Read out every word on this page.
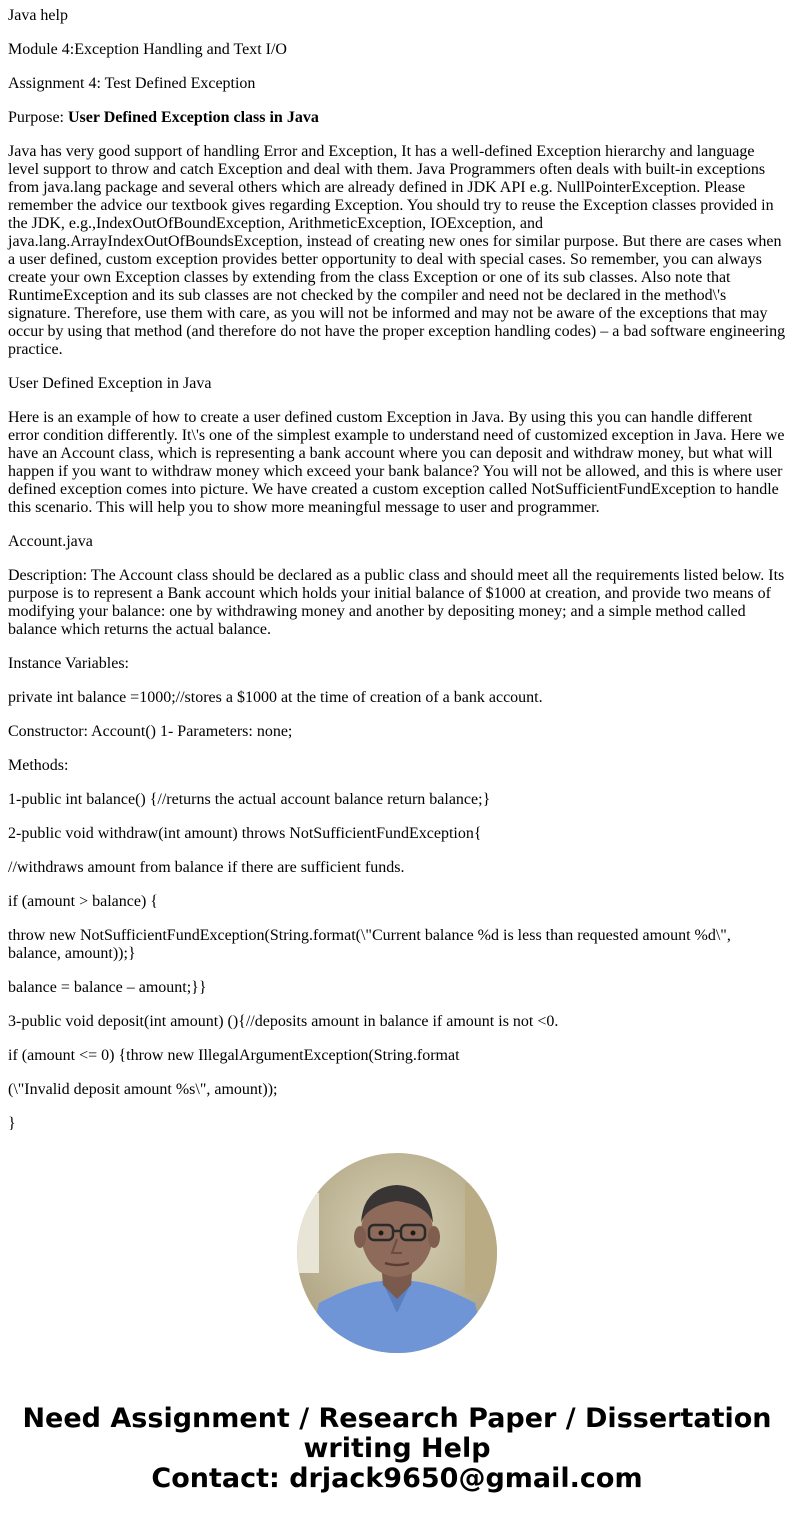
Java help

Module 4:Exception Handling and Text I/O

Assignment 4: Test Defined Exception

Purpose: User Defined Exception class in Java

Java has very good support of handling Error and Exception, It has a well-defined Exception hierarchy and language level support to throw and catch Exception and deal with them. Java Programmers often deals with built-in exceptions from java.lang package and several others which are already defined in JDK API e.g. NullPointerException. Please remember the advice our textbook gives regarding Exception. You should try to reuse the Exception classes provided in the JDK, e.g.,IndexOutOfBoundException, ArithmeticException, IOException, and java.lang.ArrayIndexOutOfBoundsException, instead of creating new ones for similar purpose. But there are cases when a user defined, custom exception provides better opportunity to deal with special cases. So remember, you can always create your own Exception classes by extending from the class Exception or one of its sub classes. Also note that RuntimeException and its sub classes are not checked by the compiler and need not be declared in the method\'s signature. Therefore, use them with care, as you will not be informed and may not be aware of the exceptions that may occur by using that method (and therefore do not have the proper exception handling codes) – a bad software engineering practice.

User Defined Exception in Java

Here is an example of how to create a user defined custom Exception in Java. By using this you can handle different error condition differently. It\'s one of the simplest example to understand need of customized exception in Java. Here we have an Account class, which is representing a bank account where you can deposit and withdraw money, but what will happen if you want to withdraw money which exceed your bank balance? You will not be allowed, and this is where user defined exception comes into picture. We have created a custom exception called NotSufficientFundException to handle this scenario. This will help you to show more meaningful message to user and programmer.

Account.java

Description: The Account class should be declared as a public class and should meet all the requirements listed below. Its purpose is to represent a Bank account which holds your initial balance of $1000 at creation, and provide two means of modifying your balance: one by withdrawing money and another by depositing money; and a simple method called balance which returns the actual balance.

Instance Variables:

private int balance =1000;//stores a $1000 at the time of creation of a bank account.

Constructor: Account() 1- Parameters: none;

Methods:

1-public int balance() {//returns the actual account balance return balance;}

2-public void withdraw(int amount) throws NotSufficientFundException{

//withdraws amount from balance if there are sufficient funds.

if (amount > balance) {

throw new NotSufficientFundException(String.format(\"Current balance %d is less than requested amount %d\", balance, amount));}

balance = balance – amount;}}

3-public void deposit(int amount) (){//deposits amount in balance if amount is not <0.

if (amount <= 0) {throw new IllegalArgumentException(String.format

(\"Invalid deposit amount %s\", amount));

}

Need Assignment / Research Paper / Dissertation
writing Help
Contact: drjack9650@gmail.com
